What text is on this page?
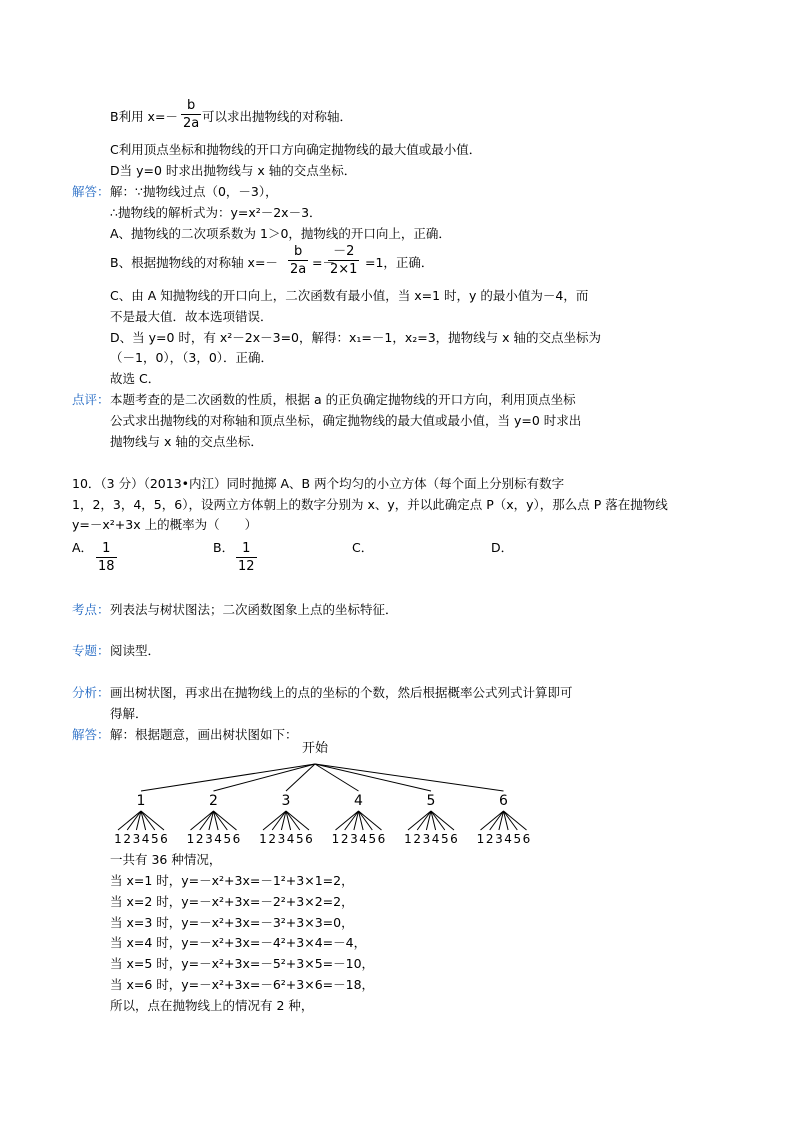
B利用 $x=- \frac{b}{2a}$ 可以求出抛物线的对称轴．
C利用顶点坐标和抛物线的开口方向确定抛物线的最大值或最小值．
D当 y=0 时求出抛物线与 x 轴的交点坐标．
解答： 解：∵抛物线过点（0，－3），
∴抛物线的解析式为：y=x²－2x－3．
A、抛物线的二次项系数为 1＞0，抛物线的开口向上，正确．
B、根据抛物线的对称轴 $x=- \frac{b}{2a}$ =－
$\frac{-2}{2\times 1} =1$，正确．
C、由 A 知抛物线的开口向上，二次函数有最小值，当 x=1 时，y 的最小值为－4，而
不是最大值．故本选项错误．
D、当 y=0 时，有 x²－2x－3=0，解得：x₁=－1，x₂=3，抛物线与 x 轴的交点坐标为
（－1，0），（3，0）．正确．
故选 C．
点评： 本题考查的是二次函数的性质，根据 a 的正负确定抛物线的开口方向，利用顶点坐标
公式求出抛物线的对称轴和顶点坐标，确定抛物线的最大值或最小值，当 y=0 时求出
抛物线与 x 轴的交点坐标．
10．（3 分）（2013•内江）同时抛掷 A、B 两个均匀的小立方体（每个面上分别标有数字
1，2，3，4，5，6），设两立方体朝上的数字分别为 x、y，并以此确定点 P（x，y），那么点 P 落在抛物线
y=－x²+3x 上的概率为（　　）
A． $\frac{1}{18}$	B． $\frac{1}{12}$	C．	D．
考点： 列表法与树状图法；二次函数图象上点的坐标特征．
专题： 阅读型．
分析： 画出树状图，再求出在抛物线上的点的坐标的个数，然后根据概率公式列式计算即可
得解．
解答： 解：根据题意，画出树状图如下：
开始
1
1 2 3 4 5 6
2
1 2 3 4 5 6
3
1 2 3 4 5 6
4
1 2 3 4 5 6
5
1 2 3 4 5 6
6
1 2 3 4 5 6
一共有 36 种情况，
当 x=1 时，y=－x²+3x=－1²+3×1=2，
当 x=2 时，y=－x²+3x=－2²+3×2=2，
当 x=3 时，y=－x²+3x=－3²+3×3=0，
当 x=4 时，y=－x²+3x=－4²+3×4=－4，
当 x=5 时，y=－x²+3x=－5²+3×5=－10，
当 x=6 时，y=－x²+3x=－6²+3×6=－18，
所以，点在抛物线上的情况有 2 种，
